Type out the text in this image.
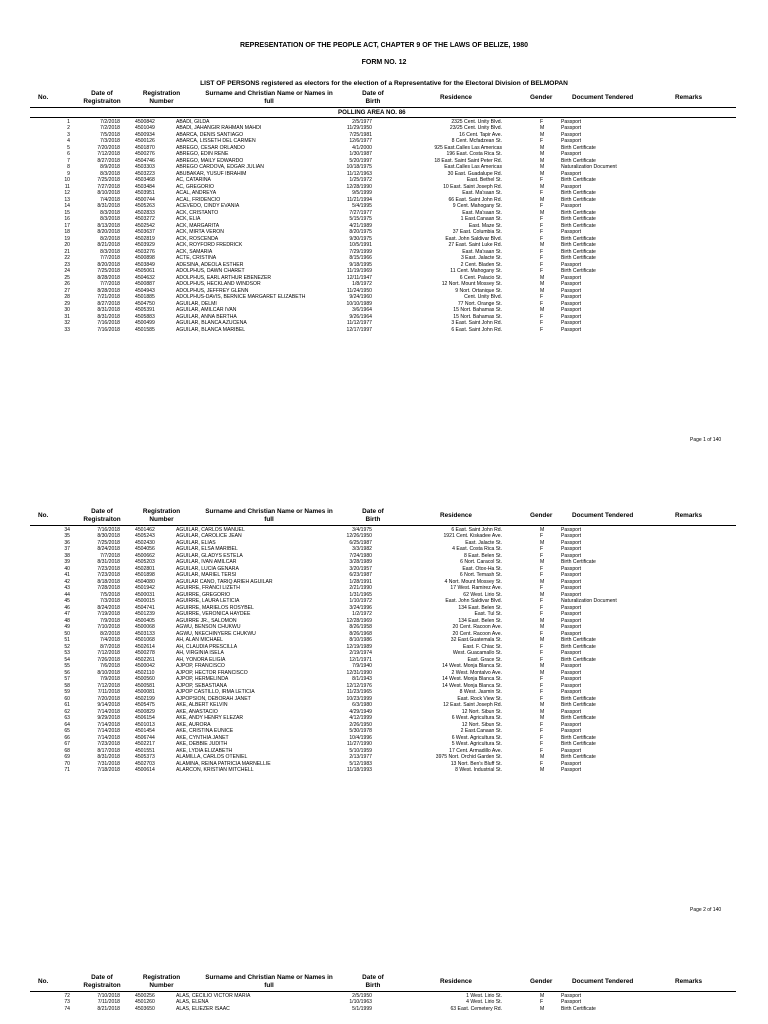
REPRESENTATION OF THE PEOPLE ACT, CHAPTER 9 OF THE LAWS OF BELIZE, 1980
FORM NO. 12
LIST OF PERSONS registered as electors for the election of a Representative for the Electoral Division of BELMOPAN
No.
Date of
Registraiton
Registration
Number
Surname and Christian Name or Names in
full
Date of
Birth
Residence	Gender	Document Tendered	Remarks
POLLING AREA NO. 86
1	7/2/2018	4500842	ABADI, GILDA	2/5/1977	2325 Cent. Unity Blvd.	F	Passport
2	7/2/2018	4501049	ABADI, JAHANGIR RAHMAN MAHDI	11/29/1950	23/25 Cent. Unity Blvd.	M	Passport
3	7/5/2018	4500934	ABARCA, DENIS SANTIAGO	7/25/1981	16 Cent. Tapir Ave.	M	Passport
4	7/3/2018	4500126	ABARCA, LISSETH DEL CARMEN	12/6/1977	8 Cent. Mcfadzean St.	F	Passport
5	7/20/2018	4501870	ABREGO, CESAR ORLANDO	4/1/2000	925 East.Calles Las Americas	M	Birth Certificate
6	7/12/2018	4500276	ABREGO, EDIN RENE	1/30/1987	196 East. Costa Rica St.	M	Passport
7	8/27/2018	4504746	ABREGO, MAILY EDWARDO	5/20/1997	18 East. Saint Saint Peter Rd.	M	Birth Certificate
8	8/9/2018	4503303	ABREGO CARDOVA, EDGAR JULIAN	10/18/1975	East.Calles Las Americas	M	Naturalization Document
9	8/3/2018	4503223	ABUBAKAR, YUSUF IBRAHIM	11/12/1963	30 East. Guadalupe Rd.	M	Passport
10	7/25/2018	4503468	AC, CATARINA	1/25/1972	East. Bethel St.	F	Birth Certificate
11	7/27/2018	4503484	AC, GREGORIO	12/28/1990	10 East. Saint Joseph Rd.	M	Passport
12	8/10/2018	4503951	ACAL, ANDREYA	9/5/1999	East. Ma'saan St.	F	Birth Certificate
13	7/4/2018	4500744	ACAL, FRIDENCIO	11/21/1994	66 East. Saint John Rd.	M	Birth Certificate
14	8/31/2018	4505263	ACEVEDO, CINDY EVANIA	5/4/1995	9 Cent. Mahogany St.	F	Passport
15	8/3/2018	4502833	ACK, CRISTANTO	7/27/1977	East. Ma'saan St.	M	Birth Certificate
16	8/3/2018	4503272	ACK, ELIA	5/15/1975	1 East.Canaan St.	F	Birth Certificate
17	8/13/2018	4502542	ACK, MARGARITA	4/21/1989	East. Maze St.	F	Birth Certificate
18	8/20/2018	4503637	ACK, MIRTA VERON	8/20/1975	37 East. Columbia St.	F	Passport
19	8/2/2018	4502819	ACK, ROSCENDA	9/30/1975	East. John Saldivar Blvd.	F	Birth Certificate
20	8/21/2018	4503929	ACK, ROYFORD FREDRICK	10/5/1991	27 East. Saint Luke Rd.	M	Birth Certificate
21	8/3/2018	4503276	ACK, SAMARIA	7/29/1999	East. Ma'saan St.	F	Birth Certificate
22	7/7/2018	4500898	ACTE, CRISTINA	8/15/1966	3 East. Jalacte St.	F	Birth Certificate
23	8/20/2018	4503849	ADESINA, ADEOLA ESTHER	9/18/1995	2 Cent. Bladen St.	F	Passport
24	7/25/2018	4505061	ADOLPHUS, DAWN CHARET	11/19/1969	11 Cent. Mahogany St.	F	Birth Certificate
25	8/28/2018	4504632	ADOLPHUS, EARL ARTHUR EBENEZER	12/11/1947	6 Cent. Palacio St.	M	Passport
26	7/7/2018	4500887	ADOLPHUS, HECKLAND WINDSOR	1/8/1972	12 Nort. Mount Mossey St.	M	Passport
27	8/28/2018	4504943	ADOLPHUS, JEFFREY GLENN	11/24/1950	9 Nort. Ortanique St.	M	Passport
28	7/21/2018	4501885	ADOLPHUS-DAVIS, BERNICE MARGARET ELIZABETH	9/24/1960	Cent. Unity Blvd.	F	Passport
29	8/27/2018	4504750	AGUILAR, DELMI	10/10/1989	77 Nort. Orange St.	F	Passport
30	8/31/2018	4505391	AGUILAR, AMILCAR IVAN	3/6/1964	15 Nort. Bahamas St.	M	Passport
31	8/31/2018	4505883	AGUILAR, ANNA BERTHA	9/26/1964	15 Nort. Bahamas St.	F	Passport
32	7/16/2018	4500499	AGUILAR, BLANCA AZUCENA	11/12/1977	3 East. Saint John Rd.	F	Passport
33	7/16/2018	4501585	AGUILAR, BLANCA MARIBEL	12/17/1997	6 East. Saint John Rd.	F	Passport
Page 1 of 140
No.
Date of
Registraiton
Registration
Number
Surname and Christian Name or Names in
full
Date of
Birth
Residence	Gender	Document Tendered	Remarks
34	7/16/2018	4501462	AGUILAR, CARLOS MANUEL	3/4/1975	6 East. Saint John Rd.	M	Passport
35	8/30/2018	4505243	AGUILAR, CAROLICE JEAN	12/26/1950	1921 Cent. Kiskadee Ave.	F	Passport
36	7/25/2018	4502430	AGUILAR, ELIAS	6/25/1987	East. Jalacte St.	M	Passport
37	8/24/2018	4504056	AGUILAR, ELSA MARIBEL	3/3/1982	4 East. Costa Rica St.	F	Passport
38	7/7/2018	4500662	AGUILAR, GLADYS ESTELA	7/24/1980	8 East. Belen St.	F	Passport
39	8/31/2018	4505203	AGUILAR, IVAN AMILCAR	3/28/1989	6 Nort. Caracol St.	M	Birth Certificate
40	7/23/2018	4502801	AGUILAR, LUCIA GENARA	3/20/1957	East. Otox-Ha St.	F	Passport
41	7/23/2018	4501898	AGUILAR, MARIEL TERSI	6/23/1987	6 Nort. Temash St.	F	Passport
42	8/18/2018	4504080	AGUILAR CANO, TARIQ ARIEH AGUILAR	1/28/1991	4 Nort. Mount Mossey St.	M	Passport
43	7/28/2018	4501942	AGUIRRE, FRANCI LIZETH	2/21/1990	17 West. Ramirez Ave.	F	Passport
44	7/5/2018	4500031	AGUIRRE, GREGORIO	1/31/1965	62 West. Lirio St.	M	Passport
45	7/3/2018	4500015	AGUIRRE, LAURA LETICIA	1/10/1972	East. John Saldivar Blvd.	F	Naturalization Document
46	8/24/2018	4504741	AGUIRRE, MARIELOS ROSYBEL	3/24/1996	134 East. Belen St.	F	Passport
47	7/19/2018	4501239	AGUIRRE, VERONICA HAYDEE	1/2/1972	East. Tul St.	F	Passport
48	7/9/2018	4500405	AGUIRRE JR., SALOMON	12/28/1969	134 East. Belen St.	M	Passport
49	7/10/2018	4500068	AGWU, BENSON CHUKWU	8/26/1958	20 Cent. Racoon Ave.	M	Passport
50	8/2/2018	4503133	AGWU, NKECHINYERE CHUKWU	8/26/1968	20 Cent. Racoon Ave.	F	Passport
51	7/4/2018	4501068	AH, ALAN MICHAEL	8/10/1986	32 East.Guatemala St.	M	Birth Certificate
52	8/7/2018	4502614	AH, CLAUDIA PRESCILLA	12/19/1989	East. F. Chiac St.	F	Birth Certificate
53	7/12/2018	4500278	AH, VIRGINIA ISELA	2/19/1974	West. Guacamallo St.	F	Passport
54	7/26/2018	4502261	AH, YONORA ELIGIA	12/1/1971	East. Grace St.	F	Birth Certificate
55	7/6/2018	4500042	AJPOP, FRANCISCO	7/9/1940	14 West. Monja Blanca St.	M	Passport
56	8/10/2018	4502110	AJPOP, HECTOR FRANCISCO	12/31/1990	2 West. Montalvo Ave.	M	Passport
57	7/9/2018	4500560	AJPOP, HERMELINDA	8/1/1943	14 West. Monja Blanca St.	F	Passport
58	7/12/2018	4500581	AJPOP, SEBASTIANA	12/12/1976	14 West. Monja Blanca St.	F	Passport
59	7/11/2018	4500081	AJPOP CASTILLO, IRMA LETICIA	11/23/1965	8 West. Jasmin St.	F	Passport
60	7/20/2018	4502199	AJPOPSION, DEBORAH JANET	10/23/1999	East. Rock View St.	F	Birth Certificate
61	9/14/2018	4505475	AKE, ALBERT KELVIN	6/3/1980	12 East. Saint Joseph Rd.	M	Birth Certificate
62	7/14/2018	4500829	AKE, ANASTACIO	4/29/1949	12 Nort. Sibun St.	M	Passport
63	9/29/2018	4506154	AKE, ANDY HENRY ELEZAR	4/12/1999	6 West. Agricultura St.	M	Birth Certificate
64	7/14/2018	4501013	AKE, AURORA	2/26/1950	12 Nort. Sibun St.	F	Passport
65	7/14/2018	4501454	AKE, CRISTINA EUNICE	5/30/1978	2 East.Canaan St.	F	Passport
66	7/14/2018	4506744	AKE, CYNTHIA JANET	10/4/1996	6 West. Agricultura St.	F	Birth Certificate
67	7/23/2018	4502217	AKE, DEBBIE JUDITH	11/27/1990	5 West. Agricultura St.	F	Birth Certificate
68	8/17/2018	4501551	AKE, LYDIA ELIZABETH	5/10/1959	17 Cent. Armadillo Ave.	F	Passport
69	8/31/2018	4505373	ALAMILLA, CARLOS OTENIEL	2/13/1977	3975 Nort. Orchid Garden St.	M	Birth Certificate
70	7/31/2018	4502703	ALAMINA, REINA PATRICIA MARNELLIE	5/12/1983	13 Nort. Ben's Bluff St.	F	Passport
71	7/18/2018	4500614	ALARCON, KRISTIAN MITCHELL	11/18/1993	8 West. Industrial St.	M	Passport
Page 2 of 140
No.
Date of
Registraiton
Registration
Number
Surname and Christian Name or Names in
full
Date of
Birth
Residence	Gender	Document Tendered	Remarks
72	7/10/2018	4500256	ALAS, CECILIO VICTOR MARIA	2/5/1950	1 West. Lirio St.	M	Passport
73	7/11/2018	4501260	ALAS, ELENA	1/10/1963	4 West. Lirio St.	F	Passport
74	8/21/2018	4503650	ALAS, ELIEZER ISAAC	5/1/1999	63 East. Cemetery Rd.	M	Birth Certificate
